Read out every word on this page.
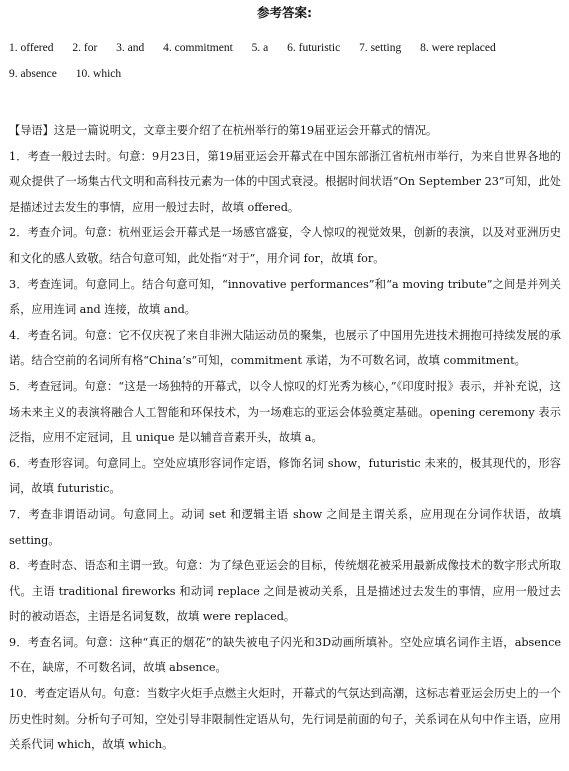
参考答案:
1. offered 2. for 3. and 4. commitment 5. a 6. futuristic 7. setting 8. were replaced
9. absence 10. which

【导语】这是一篇说明文，文章主要介绍了在杭州举行的第19届亚运会开幕式的情况。

1．考查一般过去时。句意：9月23日，第19届亚运会开幕式在中国东部浙江省杭州市举行，为来自世界各地的观众提供了一场集古代文明和高科技元素为一体的中国式衰浸。根据时间状语“On September 23”可知，此处是描述过去发生的事情，应用一般过去时，故填 offered。

2．考查介词。句意：杭州亚运会开幕式是一场感官盛宴，令人惊叹的视觉效果，创新的表演，以及对亚洲历史和文化的感人致敬。结合句意可知，此处指“对于”，用介词 for，故填 for。

3．考查连词。句意同上。结合句意可知，“innovative performances”和“a moving tribute”之间是并列关系，应用连词 and 连接，故填 and。

4．考查名词。句意：它不仅庆祝了来自非洲大陆运动员的聚集，也展示了中国用先进技术拥抱可持续发展的承诺。结合空前的名词所有格“China’s”可知，commitment 承诺，为不可数名词，故填 commitment。

5．考查冠词。句意：“这是一场独特的开幕式，以令人惊叹的灯光秀为核心，”《印度时报》表示，并补充说，这场未来主义的表演将融合人工智能和环保技术，为一场难忘的亚运会体验奠定基础。opening ceremony 表示泛指，应用不定冠词，且 unique 是以辅音音素开头，故填 a。

6．考查形容词。句意同上。空处应填形容词作定语，修饰名词 show，futuristic 未来的，极其现代的，形容词，故填 futuristic。

7．考查非谓语动词。句意同上。动词 set 和逻辑主语 show 之间是主谓关系，应用现在分词作状语，故填 setting。

8．考查时态、语态和主谓一致。句意：为了绿色亚运会的目标，传统烟花被采用最新成像技术的数字形式所取代。主语 traditional fireworks 和动词 replace 之间是被动关系，且是描述过去发生的事情，应用一般过去时的被动语态，主语是名词复数，故填 were replaced。

9．考查名词。句意：这种“真正的烟花”的缺失被电子闪光和3D动画所填补。空处应填名词作主语，absence 不在，缺席，不可数名词，故填 absence。

10．考查定语从句。句意：当数字火炬手点燃主火炬时，开幕式的气氛达到高潮，这标志着亚运会历史上的一个历史性时刻。分析句子可知，空处引导非限制性定语从句，先行词是前面的句子，关系词在从句中作主语，应用关系代词 which，故填 which。
